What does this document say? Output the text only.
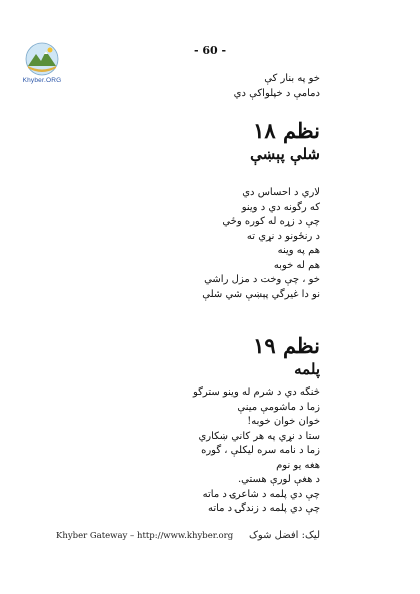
Khyber.ORG
- 60 -
خو په بنار کې
دمامې د خپلواکې دي
نظم ۱۸
شلې پېښې
لاري د احساس دي
که رگونه دي د وينو
چې د زړه له کوره وځي
د رنځونو د نړي ته
هم په وينه
هم له خوبه
خو ، چې وخت د مزل راشي
نو دا غيرگي پېښې شي شلې
نظم ۱۹
پلمه
څنگه دي د شرم له وينو سترگو
زما د ماشومې مينې
خوان خوان خوبه!
ستا د نړي په هر کاني ښکاري
زما د نامه سره ليکلې ، گوره
هغه يو نوم
د هغې لورې هستي.
چې دي پلمه د شاعرۍ د ماته
چې دي پلمه د زندگۍ د ماته
Khyber Gateway – http://www.khyber.org ليک: افضل شوک
